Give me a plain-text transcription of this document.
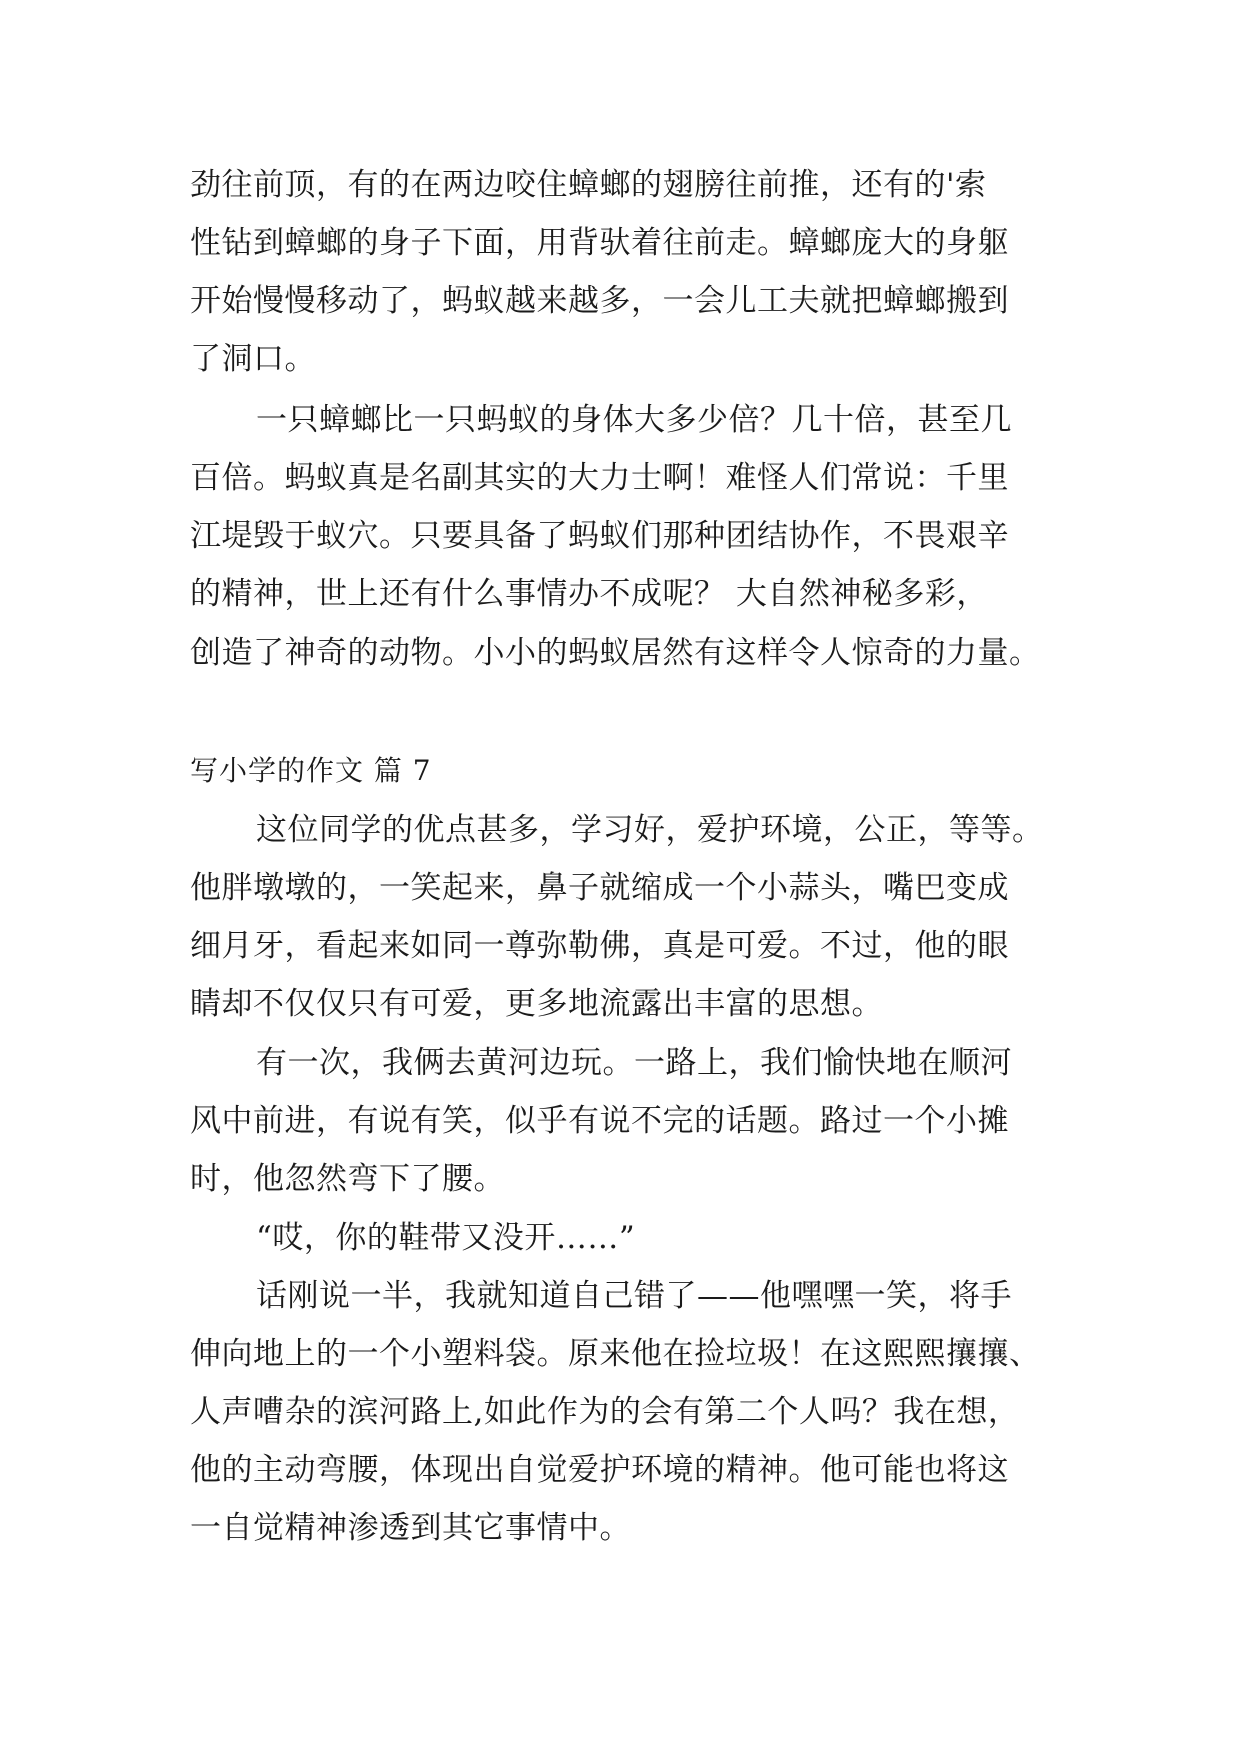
劲往前顶，有的在两边咬住蟑螂的翅膀往前推，还有的'索
性钻到蟑螂的身子下面，用背驮着往前走。蟑螂庞大的身躯
开始慢慢移动了，蚂蚁越来越多，一会儿工夫就把蟑螂搬到
了洞口。
一只蟑螂比一只蚂蚁的身体大多少倍？几十倍，甚至几
百倍。蚂蚁真是名副其实的大力士啊！难怪人们常说：千里
江堤毁于蚁穴。只要具备了蚂蚁们那种团结协作，不畏艰辛
的精神，世上还有什么事情办不成呢？ 大自然神秘多彩，
创造了神奇的动物。小小的蚂蚁居然有这样令人惊奇的力量。
写小学的作文 篇 7
这位同学的优点甚多，学习好，爱护环境，公正，等等。
他胖墩墩的，一笑起来，鼻子就缩成一个小蒜头，嘴巴变成
细月牙，看起来如同一尊弥勒佛，真是可爱。不过，他的眼
睛却不仅仅只有可爱，更多地流露出丰富的思想。
有一次，我俩去黄河边玩。一路上，我们愉快地在顺河
风中前进，有说有笑，似乎有说不完的话题。路过一个小摊
时，他忽然弯下了腰。
“哎，你的鞋带又没开……”
话刚说一半，我就知道自己错了——他嘿嘿一笑，将手
伸向地上的一个小塑料袋。原来他在捡垃圾！在这熙熙攘攘、
人声嘈杂的滨河路上,如此作为的会有第二个人吗？我在想，
他的主动弯腰，体现出自觉爱护环境的精神。他可能也将这
一自觉精神渗透到其它事情中。
